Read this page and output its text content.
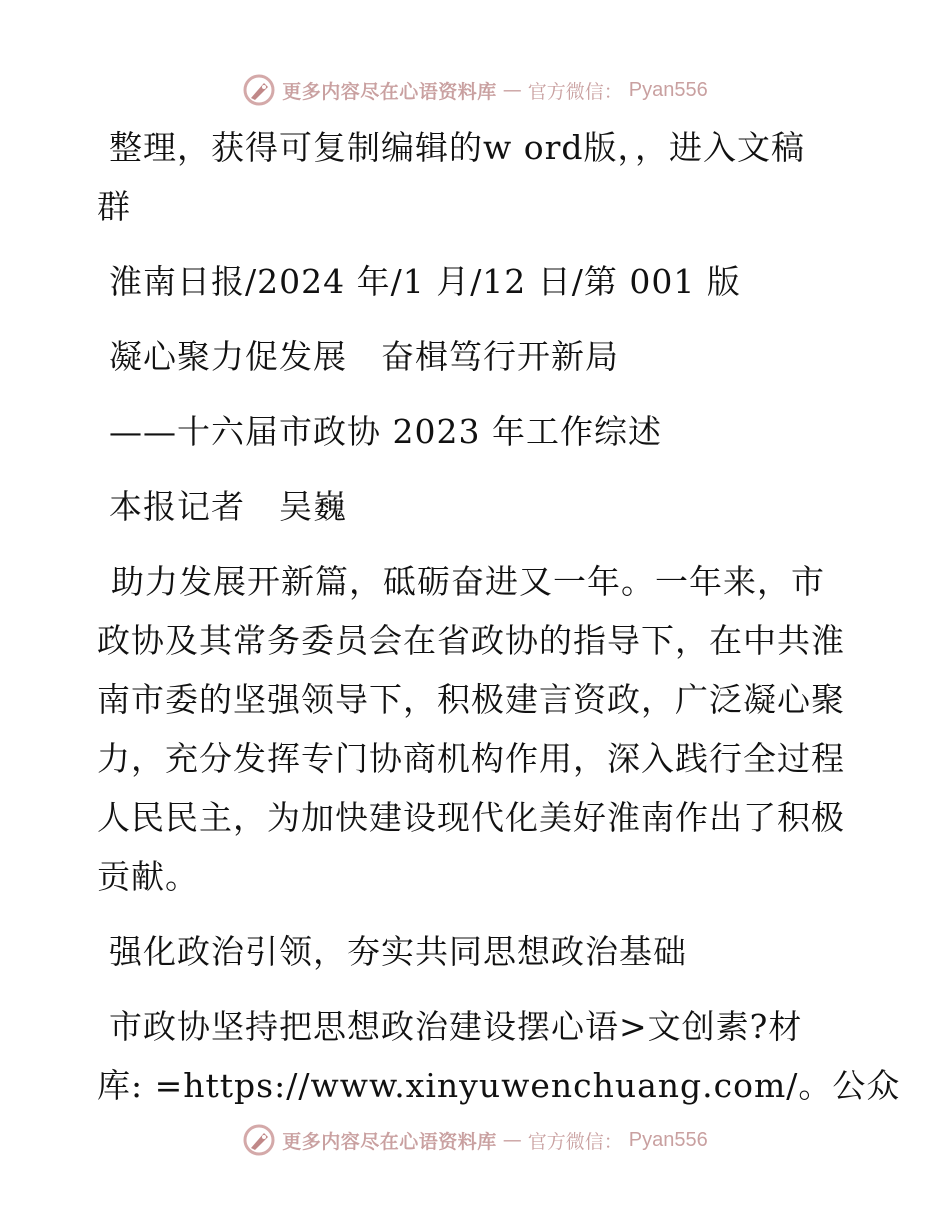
更多内容尽在心语资料库 — 官方微信： Pyan556
整理，获得可复制编辑的w ord版，，进入文稿
群
淮南日报/2024 年/1 月/12 日/第 001 版
凝心聚力促发展　奋楫笃行开新局
——十六届市政协 2023 年工作综述
本报记者　吴巍

助力发展开新篇，砥砺奋进又一年。一年来，市政协及其常务委员会在省政协的指导下，在中共淮南市委的坚强领导下，积极建言资政，广泛凝心聚力，充分发挥专门协商机构作用，深入践行全过程人民民主，为加快建设现代化美好淮南作出了积极贡献。

强化政治引领，夯实共同思想政治基础
市政协坚持把思想政治建设摆心语>文创素?材
库: =https://www.xinyuwenchuang.com/。公众
更多内容尽在心语资料库 — 官方微信： Pyan556
